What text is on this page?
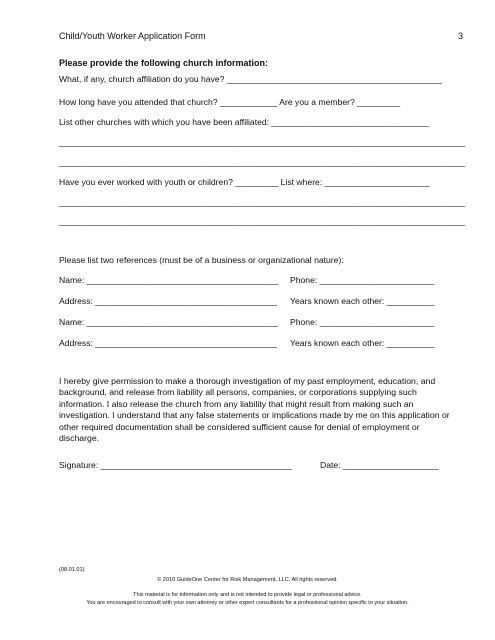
Child/Youth Worker Application Form	3
Please provide the following church information:
What, if any, church affiliation do you have? _____________________________________________
How long have you attended that church? ____________ Are you a member? _________
List other churches with which you have been affiliated: _________________________________
_____________________________________________________________________________________
_____________________________________________________________________________________
Have you ever worked with youth or children? _________ List where: ______________________
_____________________________________________________________________________________
_____________________________________________________________________________________
Please list two references (must be of a business or organizational nature):
Name: ________________________________________ Phone: ________________________
Address: ______________________________________ Years known each other: __________
Name: ________________________________________ Phone: ________________________
Address: ______________________________________ Years known each other: __________
I hereby give permission to make a thorough investigation of my past employment, education, and background, and release from liability all persons, companies, or corporations supplying such information. I also release the church from any liability that might result from making such an investigation. I understand that any false statements or implications made by me on this application or other required documentation shall be considered sufficient cause for denial of employment or discharge.
Signature: ________________________________________	Date: ____________________
(08.01.01)
© 2010 GuideOne Center for Risk Management, LLC. All rights reserved.
This material is for information only and is not intended to provide legal or professional advice.
You are encouraged to consult with your own attorney or other expert consultants for a professional opinion specific to your situation.
